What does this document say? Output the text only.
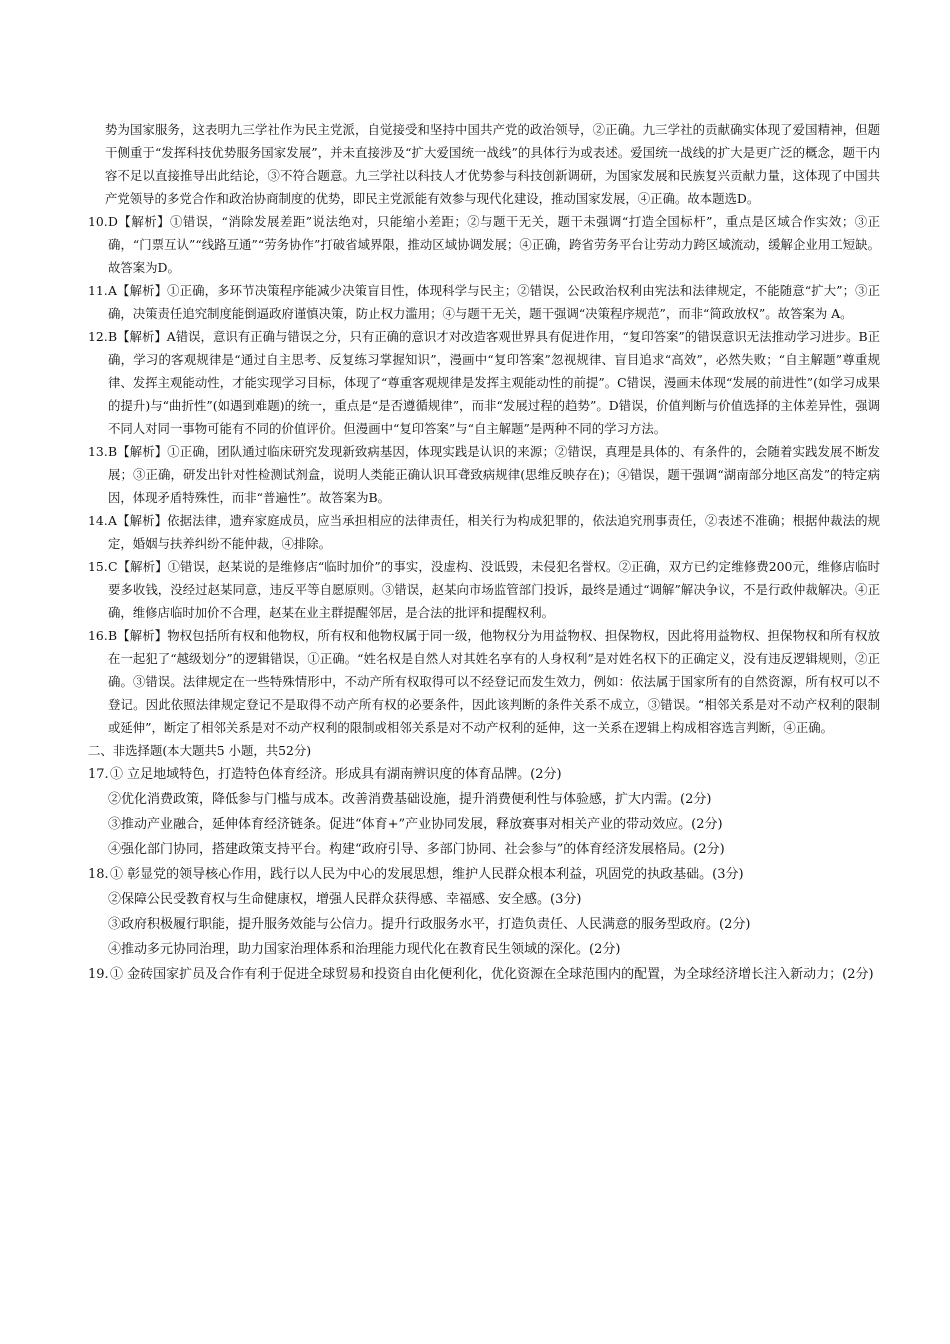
势为国家服务，这表明九三学社作为民主党派，自觉接受和坚持中国共产党的政治领导，②正确。九三学社的贡献确实体现了爱国精神，但题干侧重于“发挥科技优势服务国家发展”，并未直接涉及“扩大爱国统一战线”的具体行为或表述。爱国统一战线的扩大是更广泛的概念，题干内容不足以直接推导出此结论，③不符合题意。九三学社以科技人才优势参与科技创新调研，为国家发展和民族复兴贡献力量，这体现了中国共产党领导的多党合作和政治协商制度的优势，即民主党派能有效参与现代化建设，推动国家发展，④正确。故本题选D。

10. D【解析】①错误，“消除发展差距”说法绝对，只能缩小差距；②与题干无关，题干未强调“打造全国标杆”，重点是区域合作实效；③正确，“门票互认”“线路互通”“劳务协作”打破省域界限，推动区域协调发展；④正确，跨省劳务平台让劳动力跨区域流动，缓解企业用工短缺。故答案为D。
11. A【解析】①正确，多环节决策程序能减少决策盲目性，体现科学与民主；②错误，公民政治权利由宪法和法律规定，不能随意“扩大”；③正确，决策责任追究制度能倒逼政府谨慎决策，防止权力滥用；④与题干无关，题干强调“决策程序规范”，而非“简政放权”。故答案为 A。
12. B【解析】A错误，意识有正确与错误之分，只有正确的意识才对改造客观世界具有促进作用，“复印答案”的错误意识无法推动学习进步。B正确，学习的客观规律是“通过自主思考、反复练习掌握知识”，漫画中“复印答案”忽视规律、盲目追求“高效”，必然失败；“自主解题”尊重规律、发挥主观能动性，才能实现学习目标，体现了“尊重客观规律是发挥主观能动性的前提”。C错误，漫画未体现“发展的前进性”(如学习成果的提升)与“曲折性”(如遇到难题)的统一，重点是“是否遵循规律”，而非“发展过程的趋势”。D错误，价值判断与价值选择的主体差异性，强调不同人对同一事物可能有不同的价值评价。但漫画中“复印答案”与“自主解题”是两种不同的学习方法。
13. B【解析】①正确，团队通过临床研究发现新致病基因，体现实践是认识的来源；②错误，真理是具体的、有条件的，会随着实践发展不断发展；③正确，研发出针对性检测试剂盒，说明人类能正确认识耳聋致病规律(思维反映存在)；④错误，题干强调“湖南部分地区高发”的特定病因，体现矛盾特殊性，而非“普遍性”。故答案为B。
14. A【解析】依据法律，遗弃家庭成员，应当承担相应的法律责任，相关行为构成犯罪的，依法追究刑事责任，②表述不准确；根据仲裁法的规定，婚姻与扶养纠纷不能仲裁，④排除。
15. C【解析】①错误，赵某说的是维修店“临时加价”的事实，没虚构、没诋毁，未侵犯名誉权。②正确，双方已约定维修费200元，维修店临时要多收钱，没经过赵某同意，违反平等自愿原则。③错误，赵某向市场监管部门投诉，最终是通过“调解”解决争议，不是行政仲裁解决。④正确，维修店临时加价不合理，赵某在业主群提醒邻居，是合法的批评和提醒权利。
16. B【解析】物权包括所有权和他物权，所有权和他物权属于同一级，他物权分为用益物权、担保物权，因此将用益物权、担保物权和所有权放在一起犯了“越级划分”的逻辑错误，①正确。“姓名权是自然人对其姓名享有的人身权利”是对姓名权下的正确定义，没有违反逻辑规则，②正确。③错误。法律规定在一些特殊情形中，不动产所有权取得可以不经登记而发生效力，例如：依法属于国家所有的自然资源，所有权可以不登记。因此依照法律规定登记不是取得不动产所有权的必要条件，因此该判断的条件关系不成立，③错误。“相邻关系是对不动产权利的限制或延伸”，断定了相邻关系是对不动产权利的限制或相邻关系是对不动产权利的延伸，这一关系在逻辑上构成相容选言判断，④正确。

二、非选择题(本大题共5 小题，共52分)

17. ① 立足地域特色，打造特色体育经济。形成具有湖南辨识度的体育品牌。(2分)

②优化消费政策，降低参与门槛与成本。改善消费基础设施，提升消费便利性与体验感，扩大内需。(2分)

③推动产业融合，延伸体育经济链条。促进“体育+”产业协同发展，释放赛事对相关产业的带动效应。(2分)

④强化部门协同，搭建政策支持平台。构建“政府引导、多部门协同、社会参与”的体育经济发展格局。(2分)

18. ① 彰显党的领导核心作用，践行以人民为中心的发展思想，维护人民群众根本利益，巩固党的执政基础。(3分)

②保障公民受教育权与生命健康权，增强人民群众获得感、幸福感、安全感。(3分)

③政府积极履行职能，提升服务效能与公信力。提升行政服务水平，打造负责任、人民满意的服务型政府。(2分)

④推动多元协同治理，助力国家治理体系和治理能力现代化在教育民生领域的深化。(2分)

19. ① 金砖国家扩员及合作有利于促进全球贸易和投资自由化便利化，优化资源在全球范围内的配置，为全球经济增长注入新动力；(2分)
